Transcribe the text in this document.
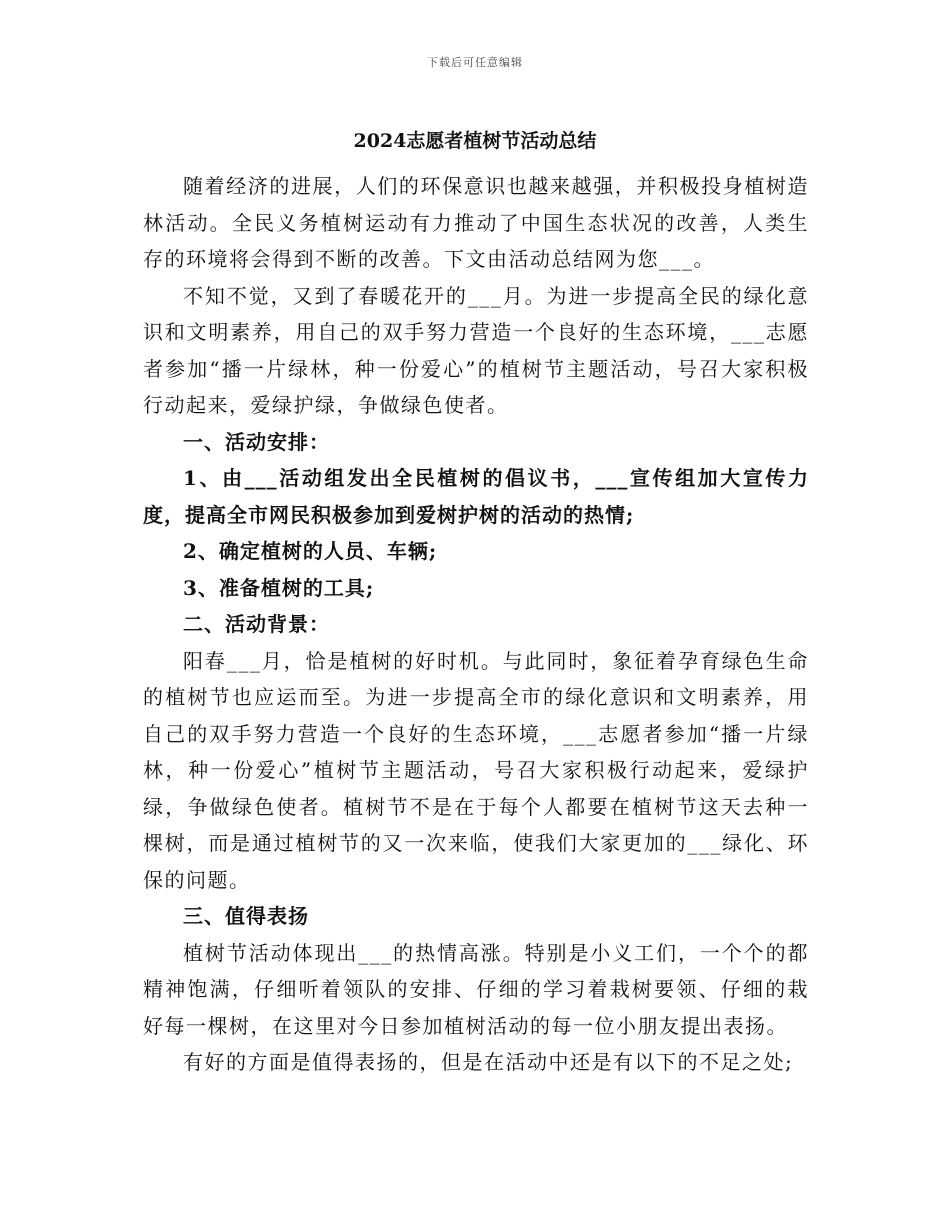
下载后可任意编辑
2024志愿者植树节活动总结

随着经济的进展，人们的环保意识也越来越强，并积极投身植树造林活动。全民义务植树运动有力推动了中国生态状况的改善，人类生存的环境将会得到不断的改善。下文由活动总结网为您___。

不知不觉，又到了春暖花开的___月。为进一步提高全民的绿化意识和文明素养，用自己的双手努力营造一个良好的生态环境，___志愿者参加“播一片绿林，种一份爱心”的植树节主题活动，号召大家积极行动起来，爱绿护绿，争做绿色使者。

一、活动安排：

1、由___活动组发出全民植树的倡议书，___宣传组加大宣传力度，提高全市网民积极参加到爱树护树的活动的热情;

2、确定植树的人员、车辆;

3、准备植树的工具;

二、活动背景：

阳春___月，恰是植树的好时机。与此同时，象征着孕育绿色生命的植树节也应运而至。为进一步提高全市的绿化意识和文明素养，用自己的双手努力营造一个良好的生态环境，___志愿者参加“播一片绿林，种一份爱心”植树节主题活动，号召大家积极行动起来，爱绿护绿，争做绿色使者。植树节不是在于每个人都要在植树节这天去种一棵树，而是通过植树节的又一次来临，使我们大家更加的___绿化、环保的问题。

三、值得表扬

植树节活动体现出___的热情高涨。特别是小义工们，一个个的都精神饱满，仔细听着领队的安排、仔细的学习着栽树要领、仔细的栽好每一棵树，在这里对今日参加植树活动的每一位小朋友提出表扬。

有好的方面是值得表扬的，但是在活动中还是有以下的不足之处;
